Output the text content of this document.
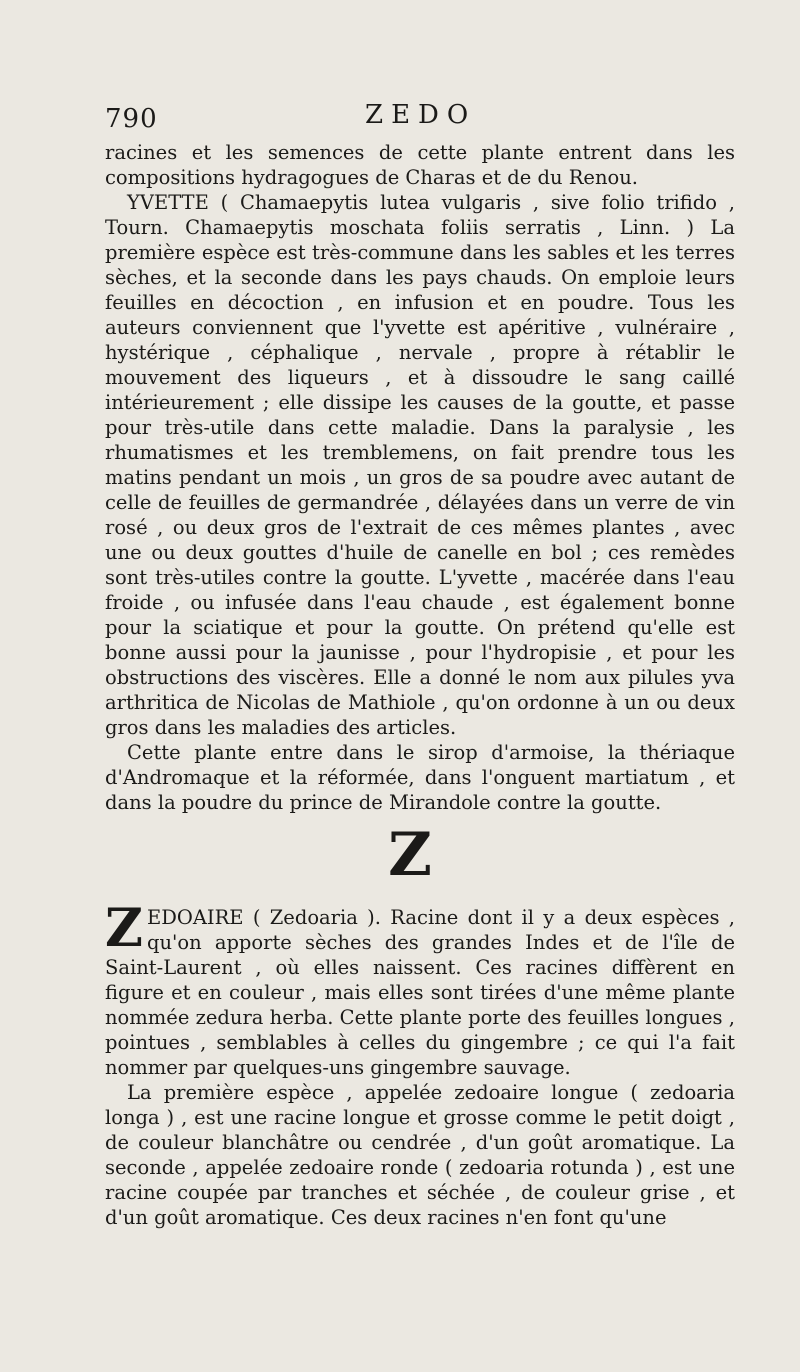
790	ZEDO

racines et les semences de cette plante entrent dans les compositions hydragogues de Charas et de du Renou.

YVETTE ( Chamaepytis lutea vulgaris , sive folio trifido , Tourn. Chamaepytis moschata foliis serratis , Linn. ) La première espèce est très-commune dans les sables et les terres sèches, et la seconde dans les pays chauds. On emploie leurs feuilles en décoction , en infusion et en poudre. Tous les auteurs conviennent que l'yvette est apéritive , vulnéraire , hystérique , céphalique , nervale , propre à rétablir le mouvement des liqueurs , et à dissoudre le sang caillé intérieurement ; elle dissipe les causes de la goutte, et passe pour très-utile dans cette maladie. Dans la paralysie , les rhumatismes et les tremblemens, on fait prendre tous les matins pendant un mois , un gros de sa poudre avec autant de celle de feuilles de germandrée , délayées dans un verre de vin rosé , ou deux gros de l'extrait de ces mêmes plantes , avec une ou deux gouttes d'huile de canelle en bol ; ces remèdes sont très-utiles contre la goutte. L'yvette , macérée dans l'eau froide , ou infusée dans l'eau chaude , est également bonne pour la sciatique et pour la goutte. On prétend qu'elle est bonne aussi pour la jaunisse , pour l'hydropisie , et pour les obstructions des viscères. Elle a donné le nom aux pilules yva arthritica de Nicolas de Mathiole , qu'on ordonne à un ou deux gros dans les maladies des articles.

Cette plante entre dans le sirop d'armoise, la thériaque d'Andromaque et la réformée, dans l'onguent martiatum , et dans la poudre du prince de Mirandole contre la goutte.

Z

ZEDOAIRE ( Zedoaria ). Racine dont il y a deux espèces , qu'on apporte sèches des grandes Indes et de l'île de Saint-Laurent , où elles naissent. Ces racines diffèrent en figure et en couleur , mais elles sont tirées d'une même plante nommée zedura herba. Cette plante porte des feuilles longues , pointues , semblables à celles du gingembre ; ce qui l'a fait nommer par quelques-uns gingembre sauvage.

La première espèce , appelée zedoaire longue ( zedoaria longa ) , est une racine longue et grosse comme le petit doigt , de couleur blanchâtre ou cendrée , d'un goût aromatique. La seconde , appelée zedoaire ronde ( zedoaria rotunda ) , est une racine coupée par tranches et séchée , de couleur grise , et d'un goût aromatique. Ces deux racines n'en font qu'une
